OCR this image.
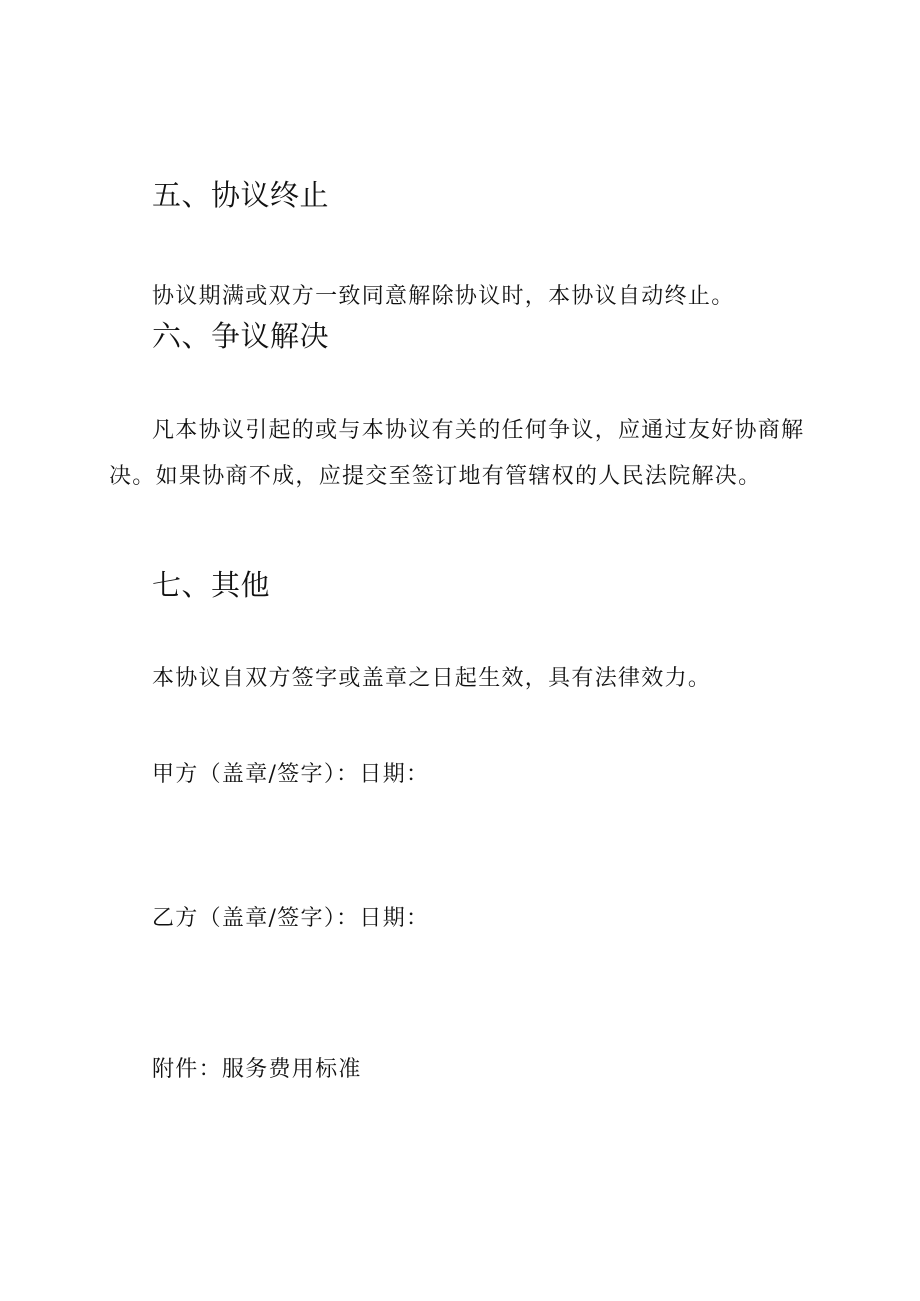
五、协议终止

协议期满或双方一致同意解除协议时，本协议自动终止。

六、争议解决

凡本协议引起的或与本协议有关的任何争议，应通过友好协商解

决。如果协商不成，应提交至签订地有管辖权的人民法院解决。

七、其他

本协议自双方签字或盖章之日起生效，具有法律效力。

甲方（盖章/签字）：日期：

乙方（盖章/签字）：日期：

附件：服务费用标准
